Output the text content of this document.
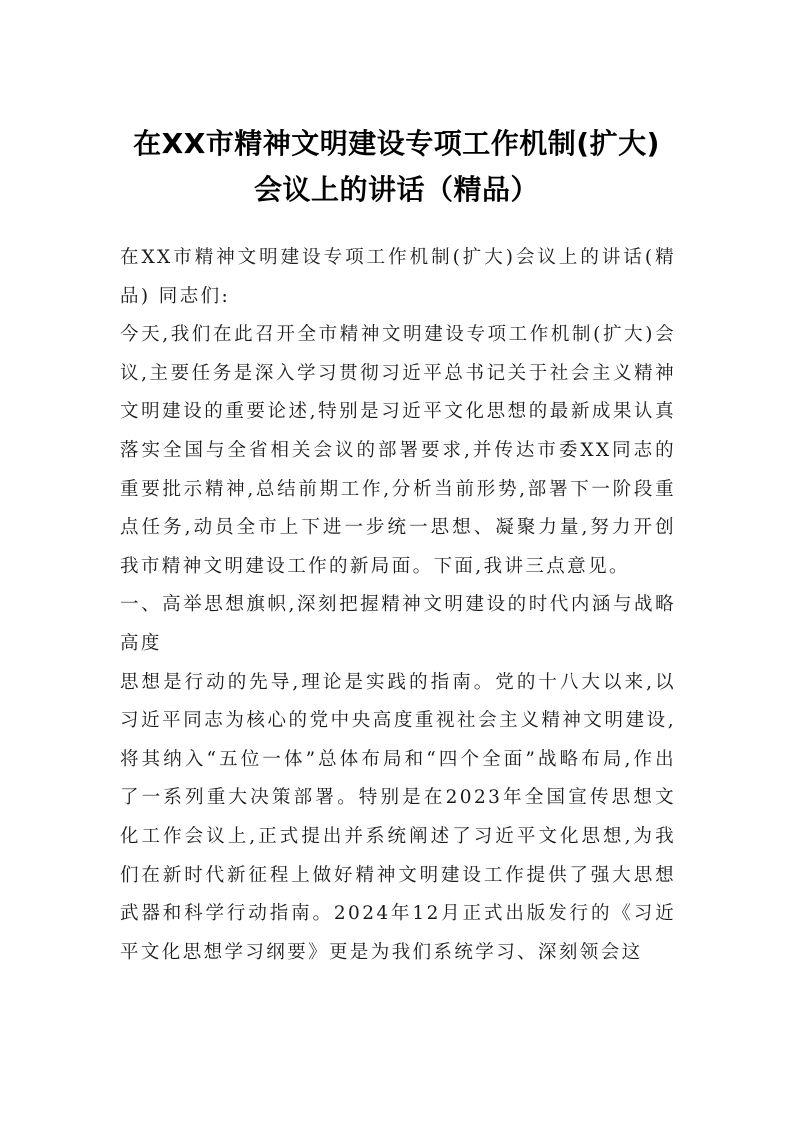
在XX市精神文明建设专项工作机制(扩大)
会议上的讲话（精品）

在XX市精神文明建设专项工作机制(扩大)会议上的讲话(精品) 同志们:

今天,我们在此召开全市精神文明建设专项工作机制(扩大)会议,主要任务是深入学习贯彻习近平总书记关于社会主义精神文明建设的重要论述,特别是习近平文化思想的最新成果认真落实全国与全省相关会议的部署要求,并传达市委XX同志的重要批示精神,总结前期工作,分析当前形势,部署下一阶段重点任务,动员全市上下进一步统一思想、凝聚力量,努力开创我市精神文明建设工作的新局面。下面,我讲三点意见。

一、高举思想旗帜,深刻把握精神文明建设的时代内涵与战略高度

思想是行动的先导,理论是实践的指南。党的十八大以来,以习近平同志为核心的党中央高度重视社会主义精神文明建设,将其纳入“五位一体”总体布局和“四个全面”战略布局,作出了一系列重大决策部署。特别是在2023年全国宣传思想文化工作会议上,正式提出并系统阐述了习近平文化思想,为我们在新时代新征程上做好精神文明建设工作提供了强大思想武器和科学行动指南。2024年12月正式出版发行的《习近平文化思想学习纲要》更是为我们系统学习、深刻领会这
